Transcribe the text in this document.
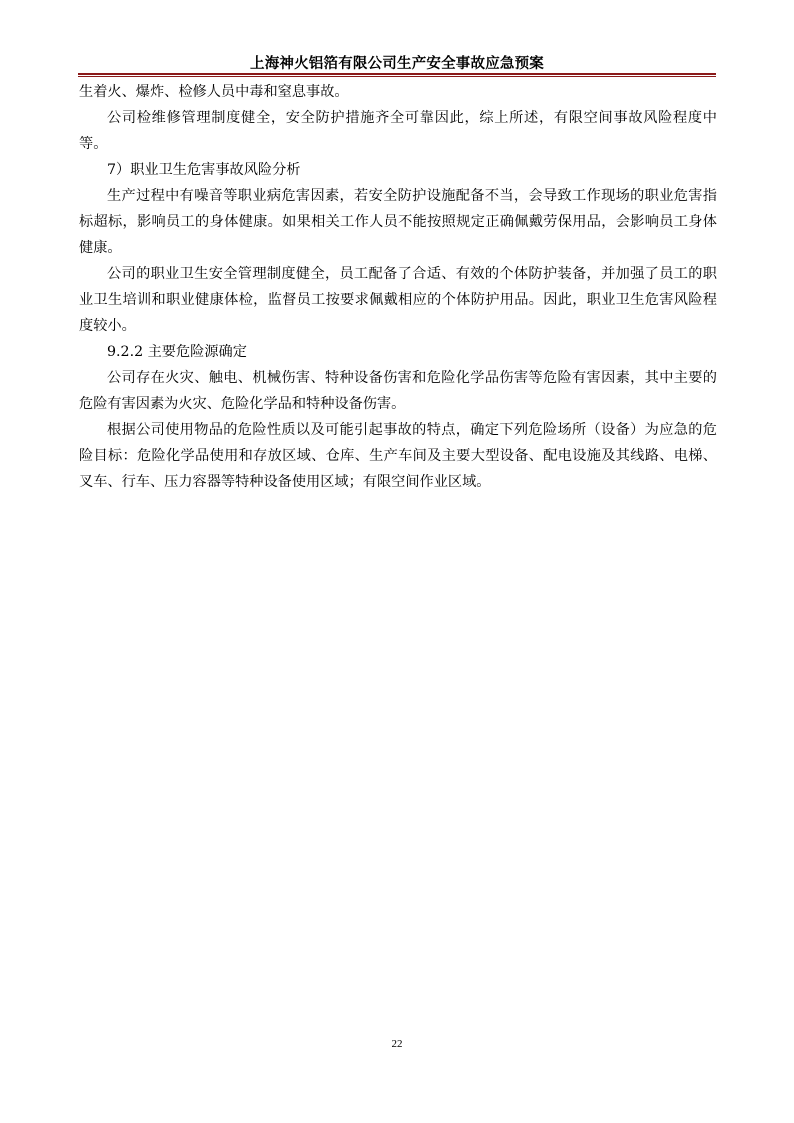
上海神火铝箔有限公司生产安全事故应急预案

生着火、爆炸、检修人员中毒和窒息事故。

公司检维修管理制度健全，安全防护措施齐全可靠因此，综上所述，有限空间事故风险程度中等。

7）职业卫生危害事故风险分析

生产过程中有噪音等职业病危害因素，若安全防护设施配备不当，会导致工作现场的职业危害指标超标，影响员工的身体健康。如果相关工作人员不能按照规定正确佩戴劳保用品，会影响员工身体健康。

公司的职业卫生安全管理制度健全，员工配备了合适、有效的个体防护装备，并加强了员工的职业卫生培训和职业健康体检，监督员工按要求佩戴相应的个体防护用品。因此，职业卫生危害风险程度较小。

9.2.2 主要危险源确定

公司存在火灾、触电、机械伤害、特种设备伤害和危险化学品伤害等危险有害因素，其中主要的危险有害因素为火灾、危险化学品和特种设备伤害。

根据公司使用物品的危险性质以及可能引起事故的特点，确定下列危险场所（设备）为应急的危险目标：危险化学品使用和存放区域、仓库、生产车间及主要大型设备、配电设施及其线路、电梯、叉车、行车、压力容器等特种设备使用区域；有限空间作业区域。

22
